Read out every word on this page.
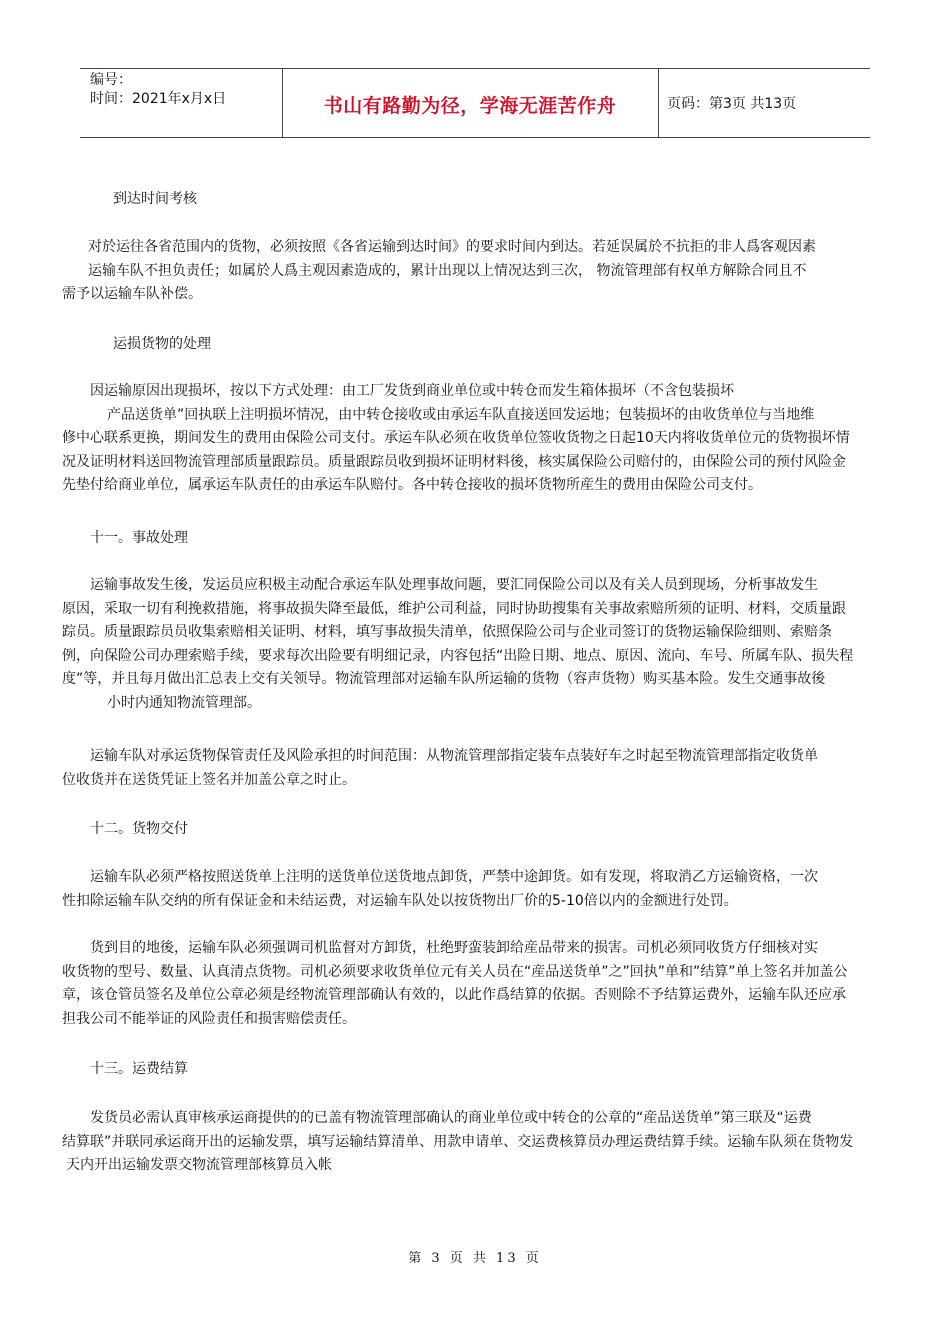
编号：
时间：2021年x月x日	书山有路勤为径，学海无涯苦作舟	页码：第3页 共13页
到达时间考核
对於运往各省范围内的货物，必须按照《各省运输到达时间》的要求时间内到达。若延误属於不抗拒的非人爲客观因素
运输车队不担负责任；如属於人爲主观因素造成的，累计出现以上情况达到三次， 物流管理部有权单方解除合同且不
需予以运输车队补偿。
运损货物的处理
因运输原因出现损坏，按以下方式处理：由工厂发货到商业单位或中转仓而发生箱体损坏（不含包装损坏
产品送货单”回执联上注明损坏情况，由中转仓接收或由承运车队直接送回发运地；包装损坏的由收货单位与当地维
修中心联系更换，期间发生的费用由保险公司支付。承运车队必须在收货单位签收货物之日起10天内将收货单位元的货物损坏情
况及证明材料送回物流管理部质量跟踪员。质量跟踪员收到损坏证明材料後，核实属保险公司赔付的，由保险公司的预付风险金
先垫付给商业单位，属承运车队责任的由承运车队赔付。各中转仓接收的损坏货物所産生的费用由保险公司支付。
十一。事故处理
运输事故发生後，发运员应积极主动配合承运车队处理事故问题，要汇同保险公司以及有关人员到现场，分析事故发生
原因，采取一切有利挽救措施，将事故损失降至最低，维护公司利益，同时协助搜集有关事故索赔所须的证明、材料，交质量跟
踪员。质量跟踪员员收集索赔相关证明、材料，填写事故损失清单，依照保险公司与企业司签订的货物运输保险细则、索赔条
例，向保险公司办理索赔手续，要求每次出险要有明细记录，内容包括“出险日期、地点、原因、流向、车号、所属车队、损失程
度”等，并且每月做出汇总表上交有关领导。物流管理部对运输车队所运输的货物（容声货物）购买基本险。发生交通事故後
小时内通知物流管理部。
运输车队对承运货物保管责任及风险承担的时间范围：从物流管理部指定装车点装好车之时起至物流管理部指定收货单
位收货并在送货凭证上签名并加盖公章之时止。
十二。货物交付
运输车队必须严格按照送货单上注明的送货单位送货地点卸货，严禁中途卸货。如有发现，将取消乙方运输资格，一次
性扣除运输车队交纳的所有保证金和未结运费，对运输车队处以按货物出厂价的5-10倍以内的金额进行处罚。
货到目的地後，运输车队必须强调司机监督对方卸货，杜绝野蛮装卸给産品带来的损害。司机必须同收货方仔细核对实
收货物的型号、数量、认真清点货物。司机必须要求收货单位元有关人员在“産品送货单”之”回执”单和”结算”单上签名并加盖公
章，该仓管员签名及单位公章必须是经物流管理部确认有效的，以此作爲结算的依据。否则除不予结算运费外，运输车队还应承
担我公司不能举证的风险责任和损害赔偿责任。
十三。运费结算
发货员必需认真审核承运商提供的的已盖有物流管理部确认的商业单位或中转仓的公章的“産品送货单”第三联及“运费
结算联”并联同承运商开出的运输发票，填写运输结算清单、用款申请单、交运费核算员办理运费结算手续。运输车队须在货物发
天内开出运输发票交物流管理部核算员入帐
第 3 页 共 13 页
